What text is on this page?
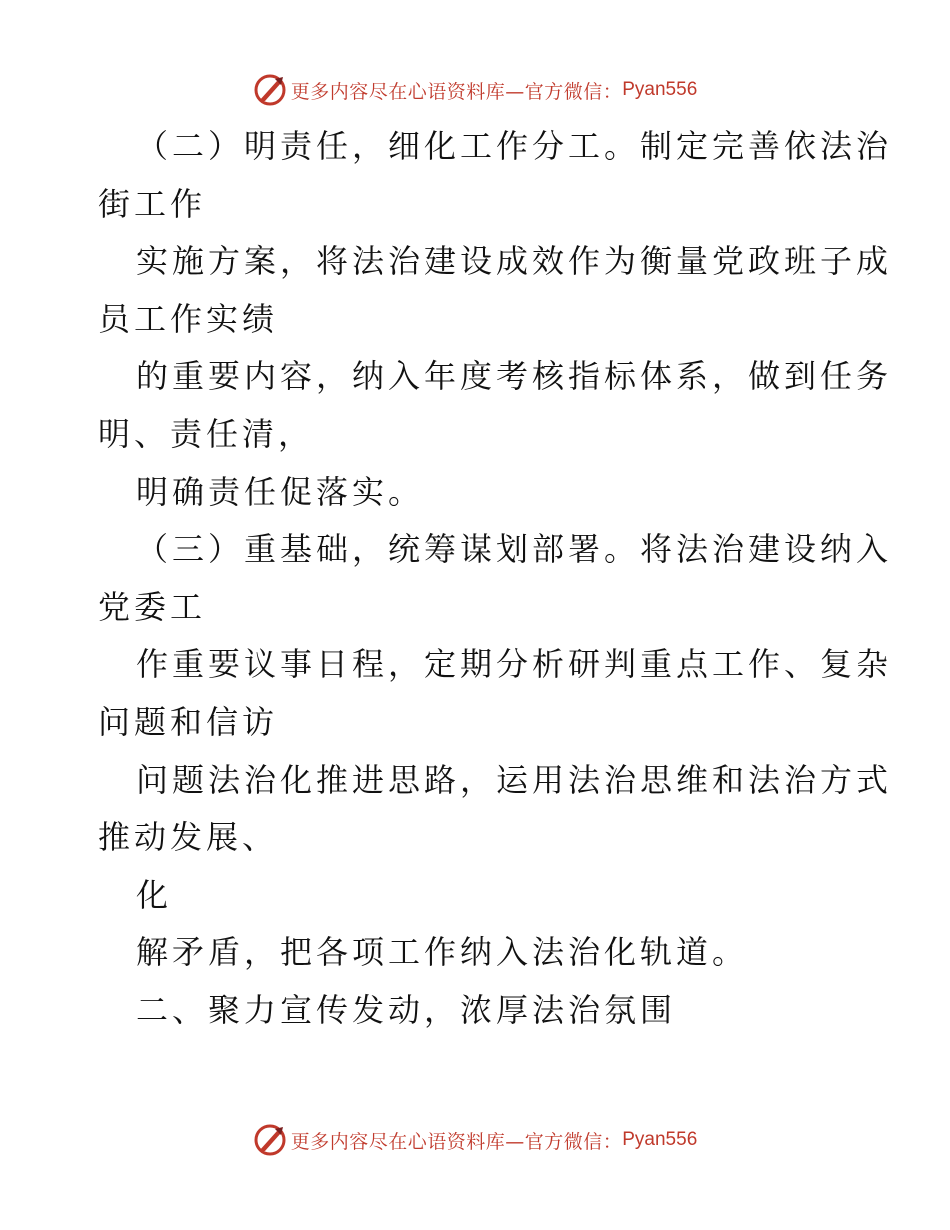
更多内容尽在心语资料库—官方微信： Pyan556
（二）明责任，细化工作分工。制定完善依法治
街工作
实施方案，将法治建设成效作为衡量党政班子成
员工作实绩
的重要内容，纳入年度考核指标体系，做到任务
明、责任清，
明确责任促落实。
（三）重基础，统筹谋划部署。将法治建设纳入
党委工
作重要议事日程，定期分析研判重点工作、复杂
问题和信访
问题法治化推进思路，运用法治思维和法治方式
推动发展、
化
解矛盾，把各项工作纳入法治化轨道。
二、聚力宣传发动，浓厚法治氛围
更多内容尽在心语资料库—官方微信： Pyan556
